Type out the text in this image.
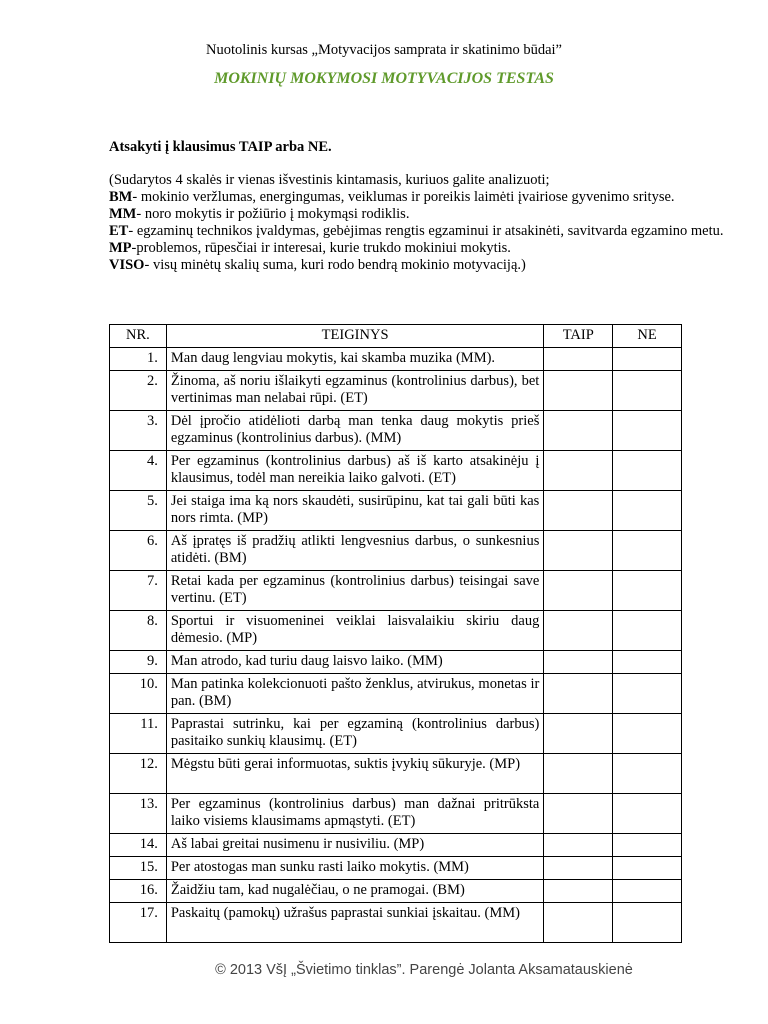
Nuotolinis kursas „Motyvacijos samprata ir skatinimo būdai”
MOKINIŲ MOKYMOSI MOTYVACIJOS TESTAS
Atsakyti į klausimus TAIP arba NE.

(Sudarytos 4 skalės ir vienas išvestinis kintamasis, kuriuos galite analizuoti;

BM- mokinio veržlumas, energingumas, veiklumas ir poreikis laimėti įvairiose gyvenimo srityse.

MM- noro mokytis ir požiūrio į mokymąsi rodiklis.

ET- egzaminų technikos įvaldymas, gebėjimas rengtis egzaminui ir atsakinėti, savitvarda egzamino metu.

MP-problemos, rūpesčiai ir interesai, kurie trukdo mokiniui mokytis.

VISO- visų minėtų skalių suma, kuri rodo bendrą mokinio motyvaciją.)

NR.	TEIGINYS	TAIP	NE
1.	Man daug lengviau mokytis, kai skamba muzika (MM).		
2.	Žinoma, aš noriu išlaikyti egzaminus (kontrolinius darbus), bet vertinimas man nelabai rūpi. (ET)		
3.	Dėl įpročio atidėlioti darbą man tenka daug mokytis prieš egzaminus (kontrolinius darbus). (MM)		
4.	Per egzaminus (kontrolinius darbus) aš iš karto atsakinėju į klausimus, todėl man nereikia laiko galvoti. (ET)		
5.	Jei staiga ima ką nors skaudėti, susirūpinu, kat tai gali būti kas nors rimta. (MP)		
6.	Aš įpratęs iš pradžių atlikti lengvesnius darbus, o sunkesnius atidėti. (BM)		
7.	Retai kada per egzaminus (kontrolinius darbus) teisingai save vertinu. (ET)		
8.	Sportui ir visuomeninei veiklai laisvalaikiu skiriu daug dėmesio. (MP)		
9.	Man atrodo, kad turiu daug laisvo laiko. (MM)		
10.	Man patinka kolekcionuoti pašto ženklus, atvirukus, monetas ir pan. (BM)		
11.	Paprastai sutrinku, kai per egzaminą (kontrolinius darbus) pasitaiko sunkių klausimų. (ET)		
12.	Mėgstu būti gerai informuotas, suktis įvykių sūkuryje. (MP)		
13.	Per egzaminus (kontrolinius darbus) man dažnai pritrūksta laiko visiems klausimams apmąstyti. (ET)		
14.	Aš labai greitai nusimenu ir nusiviliu. (MP)		
15.	Per atostogas man sunku rasti laiko mokytis. (MM)		
16.	Žaidžiu tam, kad nugalėčiau, o ne pramogai. (BM)		
17.	Paskaitų (pamokų) užrašus paprastai sunkiai įskaitau. (MM)		
© 2013 VšĮ „Švietimo tinklas”. Parengė Jolanta Aksamatauskienė
